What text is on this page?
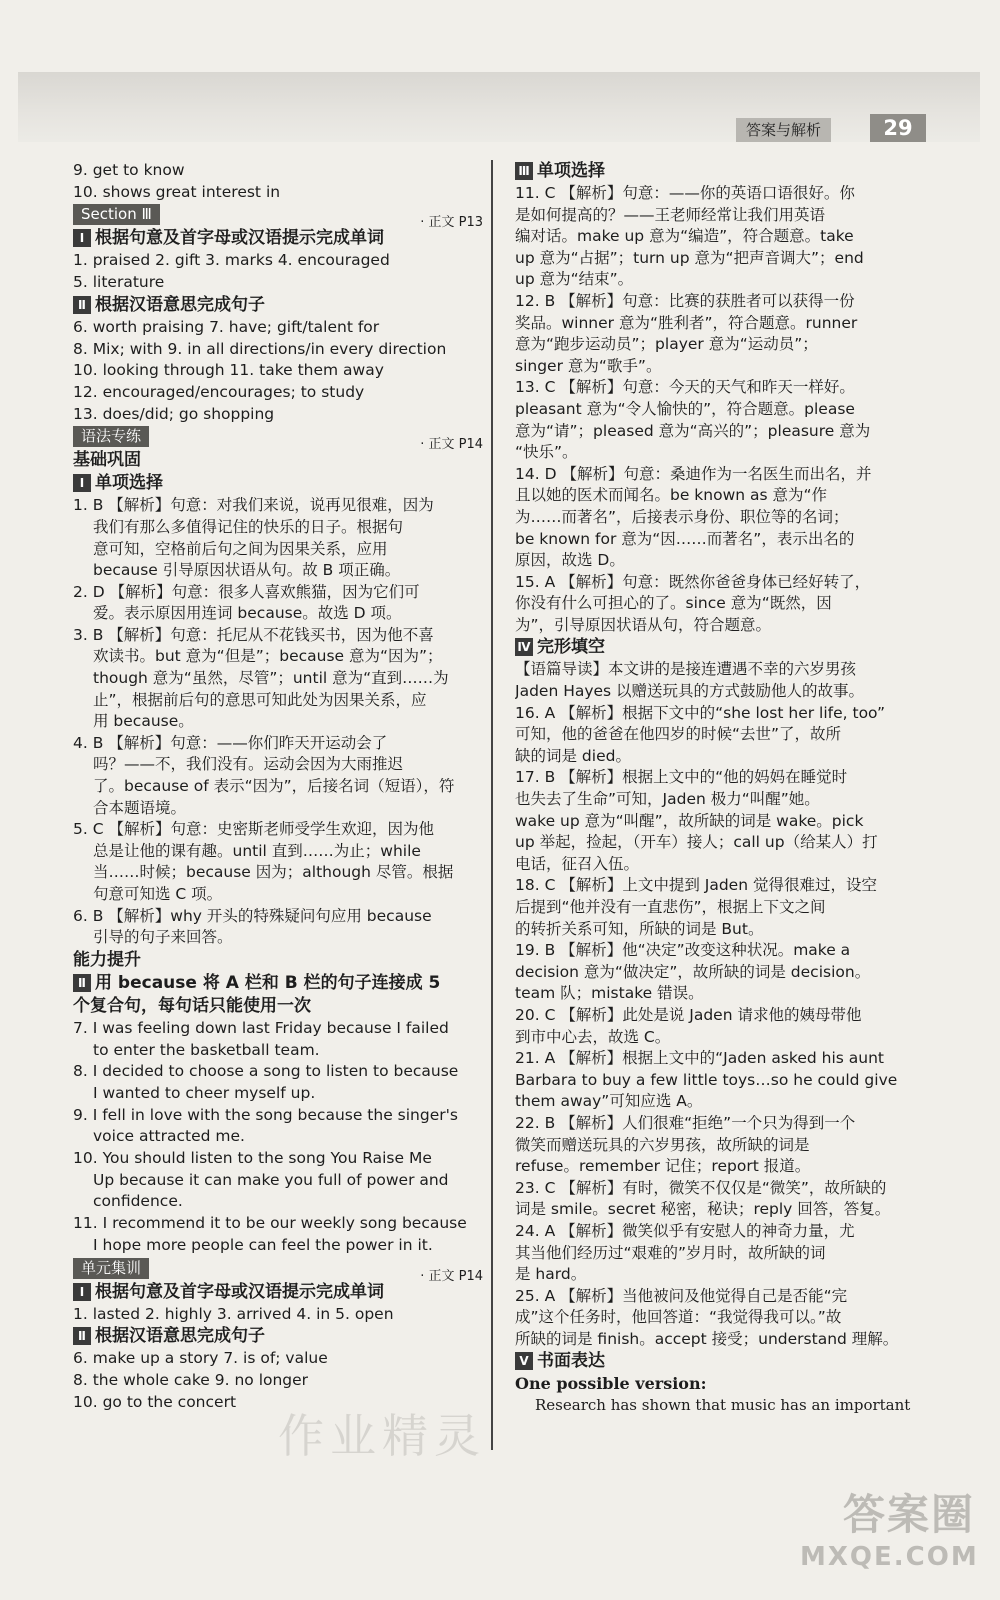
答案与解析	29
9. get to know
10. shows great interest in
Section Ⅲ	· 正文 P13
Ⅰ 根据句意及首字母或汉语提示完成单词
1. praised 2. gift 3. marks 4. encouraged
5. literature
Ⅱ 根据汉语意思完成句子
6. worth praising 7. have; gift/talent for
8. Mix; with 9. in all directions/in every direction
10. looking through 11. take them away
12. encouraged/encourages; to study
13. does/did; go shopping
语法专练	· 正文 P14
基础巩固
Ⅰ 单项选择
1. B 【解析】句意：对我们来说，说再见很难，因为
我们有那么多值得记住的快乐的日子。根据句
意可知，空格前后句之间为因果关系，应用
because 引导原因状语从句。故 B 项正确。
2. D 【解析】句意：很多人喜欢熊猫，因为它们可
爱。表示原因用连词 because。故选 D 项。
3. B 【解析】句意：托尼从不花钱买书，因为他不喜
欢读书。but 意为“但是”；because 意为“因为”；
though 意为“虽然，尽管”；until 意为“直到……为
止”，根据前后句的意思可知此处为因果关系，应
用 because。
4. B 【解析】句意：——你们昨天开运动会了
吗？——不，我们没有。运动会因为大雨推迟
了。because of 表示“因为”，后接名词（短语），符
合本题语境。
5. C 【解析】句意：史密斯老师受学生欢迎，因为他
总是让他的课有趣。until 直到……为止；while
当……时候；because 因为；although 尽管。根据
句意可知选 C 项。
6. B 【解析】why 开头的特殊疑问句应用 because
引导的句子来回答。
能力提升
Ⅱ 用 because 将 A 栏和 B 栏的句子连接成 5
个复合句，每句话只能使用一次
7. I was feeling down last Friday because I failed
to enter the basketball team.
8. I decided to choose a song to listen to because
I wanted to cheer myself up.
9. I fell in love with the song because the singer's
voice attracted me.
10. You should listen to the song You Raise Me
Up because it can make you full of power and
confidence.
11. I recommend it to be our weekly song because
I hope more people can feel the power in it.
单元集训	· 正文 P14
Ⅰ 根据句意及首字母或汉语提示完成单词
1. lasted 2. highly 3. arrived 4. in 5. open
Ⅱ 根据汉语意思完成句子
6. make up a story 7. is of; value
8. the whole cake 9. no longer
10. go to the concert
Ⅲ 单项选择
11. C 【解析】句意：——你的英语口语很好。你
是如何提高的？——王老师经常让我们用英语
编对话。make up 意为“编造”，符合题意。take
up 意为“占据”；turn up 意为“把声音调大”；end
up 意为“结束”。
12. B 【解析】句意：比赛的获胜者可以获得一份
奖品。winner 意为“胜利者”，符合题意。runner
意为“跑步运动员”；player 意为“运动员”；
singer 意为“歌手”。
13. C 【解析】句意：今天的天气和昨天一样好。
pleasant 意为“令人愉快的”，符合题意。please
意为“请”；pleased 意为“高兴的”；pleasure 意为
“快乐”。
14. D 【解析】句意：桑迪作为一名医生而出名，并
且以她的医术而闻名。be known as 意为“作
为……而著名”，后接表示身份、职位等的名词；
be known for 意为“因……而著名”，表示出名的
原因，故选 D。
15. A 【解析】句意：既然你爸爸身体已经好转了，
你没有什么可担心的了。since 意为“既然，因
为”，引导原因状语从句，符合题意。
Ⅳ 完形填空
【语篇导读】本文讲的是接连遭遇不幸的六岁男孩
Jaden Hayes 以赠送玩具的方式鼓励他人的故事。
16. A 【解析】根据下文中的“she lost her life, too”
可知，他的爸爸在他四岁的时候“去世”了，故所
缺的词是 died。
17. B 【解析】根据上文中的“他的妈妈在睡觉时
也失去了生命”可知，Jaden 极力“叫醒”她。
wake up 意为“叫醒”，故所缺的词是 wake。pick
up 举起，捡起，（开车）接人；call up（给某人）打
电话，征召入伍。
18. C 【解析】上文中提到 Jaden 觉得很难过，设空
后提到“他并没有一直悲伤”，根据上下文之间
的转折关系可知，所缺的词是 But。
19. B 【解析】他“决定”改变这种状况。make a
decision 意为“做决定”，故所缺的词是 decision。
team 队；mistake 错误。
20. C 【解析】此处是说 Jaden 请求他的姨母带他
到市中心去，故选 C。
21. A 【解析】根据上文中的“Jaden asked his aunt
Barbara to buy a few little toys…so he could give
them away”可知应选 A。
22. B 【解析】人们很难“拒绝”一个只为得到一个
微笑而赠送玩具的六岁男孩，故所缺的词是
refuse。remember 记住；report 报道。
23. C 【解析】有时，微笑不仅仅是“微笑”，故所缺的
词是 smile。secret 秘密，秘诀；reply 回答，答复。
24. A 【解析】微笑似乎有安慰人的神奇力量，尤
其当他们经历过“艰难的”岁月时，故所缺的词
是 hard。
25. A 【解析】当他被问及他觉得自己是否能“完
成”这个任务时，他回答道：“我觉得我可以。”故
所缺的词是 finish。accept 接受；understand 理解。
Ⅴ 书面表达
One possible version:
Research has shown that music has an important
作业精灵
答案圈
MXQE.COM
